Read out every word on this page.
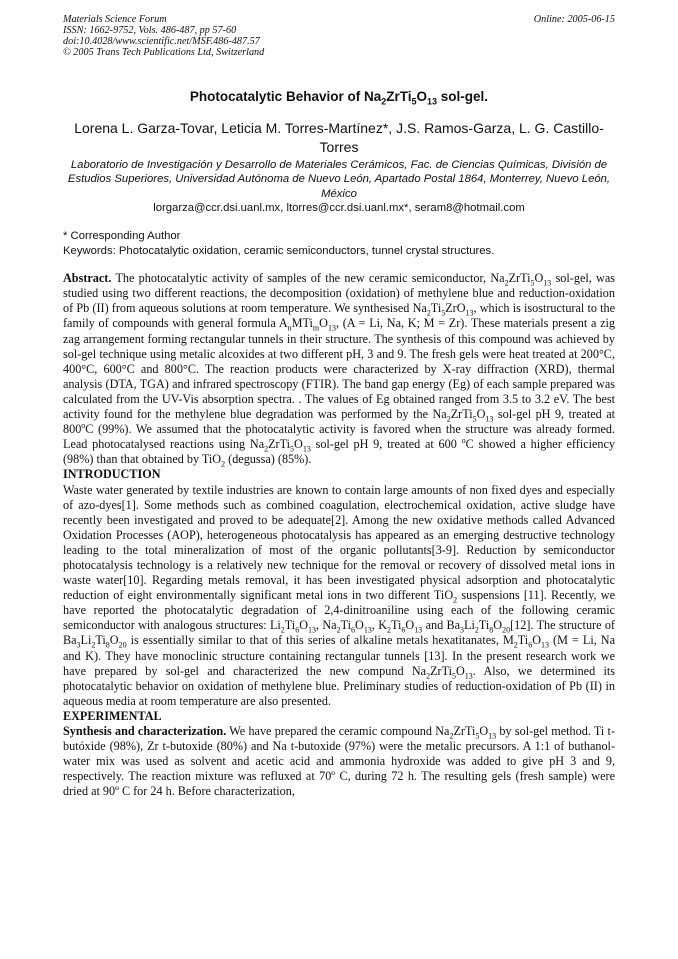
Materials Science Forum
ISSN: 1662-9752, Vols. 486-487, pp 57-60
doi:10.4028/www.scientific.net/MSF.486-487.57
© 2005 Trans Tech Publications Ltd, Switzerland
Online: 2005-06-15
Photocatalytic Behavior of $Na_2ZrTi_5O_{13}$ sol-gel.
Lorena L. Garza-Tovar, Leticia M. Torres-Martínez*, J.S. Ramos-Garza, L. G. Castillo-Torres
Laboratorio de Investigación y Desarrollo de Materiales Cerámicos, Fac. de Ciencias Químicas, División de Estudios Superiores, Universidad Autónoma de Nuevo León, Apartado Postal 1864, Monterrey, Nuevo León, México
lorgarza@ccr.dsi.uanl.mx, ltorres@ccr.dsi.uanl.mx*, seram8@hotmail.com
* Corresponding Author
Keywords: Photocatalytic oxidation, ceramic semiconductors, tunnel crystal structures.
Abstract. The photocatalytic activity of samples of the new ceramic semiconductor, $Na_2ZrTi_5O_{13}$ sol-gel, was studied using two different reactions, the decomposition (oxidation) of methylene blue and reduction-oxidation of Pb (II) from aqueous solutions at room temperature. We synthesised $Na_2Ti_5ZrO_{13}$, which is isostructural to the family of compounds with general formula $A_nMTi_mO_{13}$, (A = Li, Na, K; M = Zr). These materials present a zig zag arrangement forming rectangular tunnels in their structure. The synthesis of this compound was achieved by sol-gel technique using metalic alcoxides at two different pH, 3 and 9. The fresh gels were heat treated at 200°C, 400°C, 600°C and 800°C. The reaction products were characterized by X-ray diffraction (XRD), thermal analysis (DTA, TGA) and infrared spectroscopy (FTIR). The band gap energy (Eg) of each sample prepared was calculated from the UV-Vis absorption spectra. . The values of Eg obtained ranged from 3.5 to 3.2 eV. The best activity found for the methylene blue degradation was performed by the $Na_2ZrTi_5O_{13}$ sol-gel pH 9, treated at 800$^o$C (99%). We assumed that the photocatalytic activity is favored when the structure was already formed. Lead photocatalysed reactions using $Na_2ZrTi_5O_{13}$ sol-gel pH 9, treated at 600 $^o$C showed a higher efficiency (98%) than that obtained by TiO$_2$ (degussa) (85%).
INTRODUCTION
Waste water generated by textile industries are known to contain large amounts of non fixed dyes and especially of azo-dyes[1]. Some methods such as combined coagulation, electrochemical oxidation, active sludge have recently been investigated and proved to be adequate[2]. Among the new oxidative methods called Advanced Oxidation Processes (AOP), heterogeneous photocatalysis has appeared as an emerging destructive technology leading to the total mineralization of most of the organic pollutants[3-9]. Reduction by semiconductor photocatalysis technology is a relatively new technique for the removal or recovery of dissolved metal ions in waste water[10]. Regarding metals removal, it has been investigated physical adsorption and photocatalytic reduction of eight environmentally significant metal ions in two different TiO$_2$ suspensions [11]. Recently, we have reported the photocatalytic degradation of 2,4-dinitroaniline using each of the following ceramic semiconductor with analogous structures: $Li_2Ti_6O_{13}$, $Na_2Ti_6O_{13}$, $K_2Ti_6O_{13}$ and $Ba_3Li_2Ti_8O_{20}[12]$. The structure of $Ba_3Li_2Ti_8O_{20}$ is essentially similar to that of this series of alkaline metals hexatitanates, $M_2Ti_6O_{13}$ (M = Li, Na and K). They have monoclinic structure containing rectangular tunnels [13]. In the present research work we have prepared by sol-gel and characterized the new compund $Na_2ZrTi_5O_{13}$. Also, we determined its photocatalytic behavior on oxidation of methylene blue. Preliminary studies of reduction-oxidation of Pb (II) in aqueous media at room temperature are also presented.
EXPERIMENTAL
Synthesis and characterization. We have prepared the ceramic compound $Na_2ZrTi_5O_{13}$ by sol-gel method. Ti t-butóxide (98%), Zr t-butoxide (80%) and Na t-butoxide (97%) were the metalic precursors. A 1:1 of buthanol-water mix was used as solvent and acetic acid and ammonia hydroxide was added to give pH 3 and 9, respectively. The reaction mixture was refluxed at 70º C, during 72 h. The resulting gels (fresh sample) were dried at 90º C for 24 h. Before characterization,
